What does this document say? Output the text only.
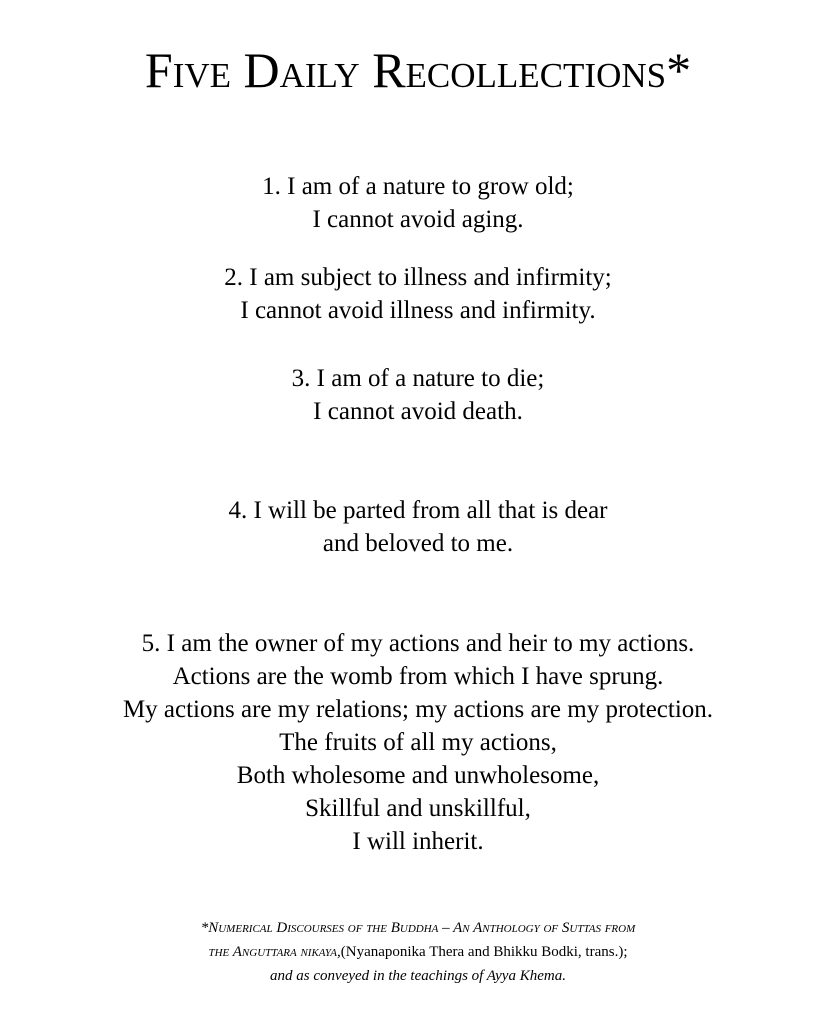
Five Daily Recollections*
1. I am of a nature to grow old;
I cannot avoid aging.
2. I am subject to illness and infirmity;
I cannot avoid illness and infirmity.
3. I am of a nature to die;
I cannot avoid death.
4. I will be parted from all that is dear
and beloved to me.
5. I am the owner of my actions and heir to my actions.
Actions are the womb from which I have sprung.
My actions are my relations; my actions are my protection.
The fruits of all my actions,
Both wholesome and unwholesome,
Skillful and unskillful,
I will inherit.
*Numerical Discourses of the Buddha – An Anthology of Suttas from
the Anguttara nikaya,(Nyanaponika Thera and Bhikku Bodki, trans.);
and as conveyed in the teachings of Ayya Khema.
